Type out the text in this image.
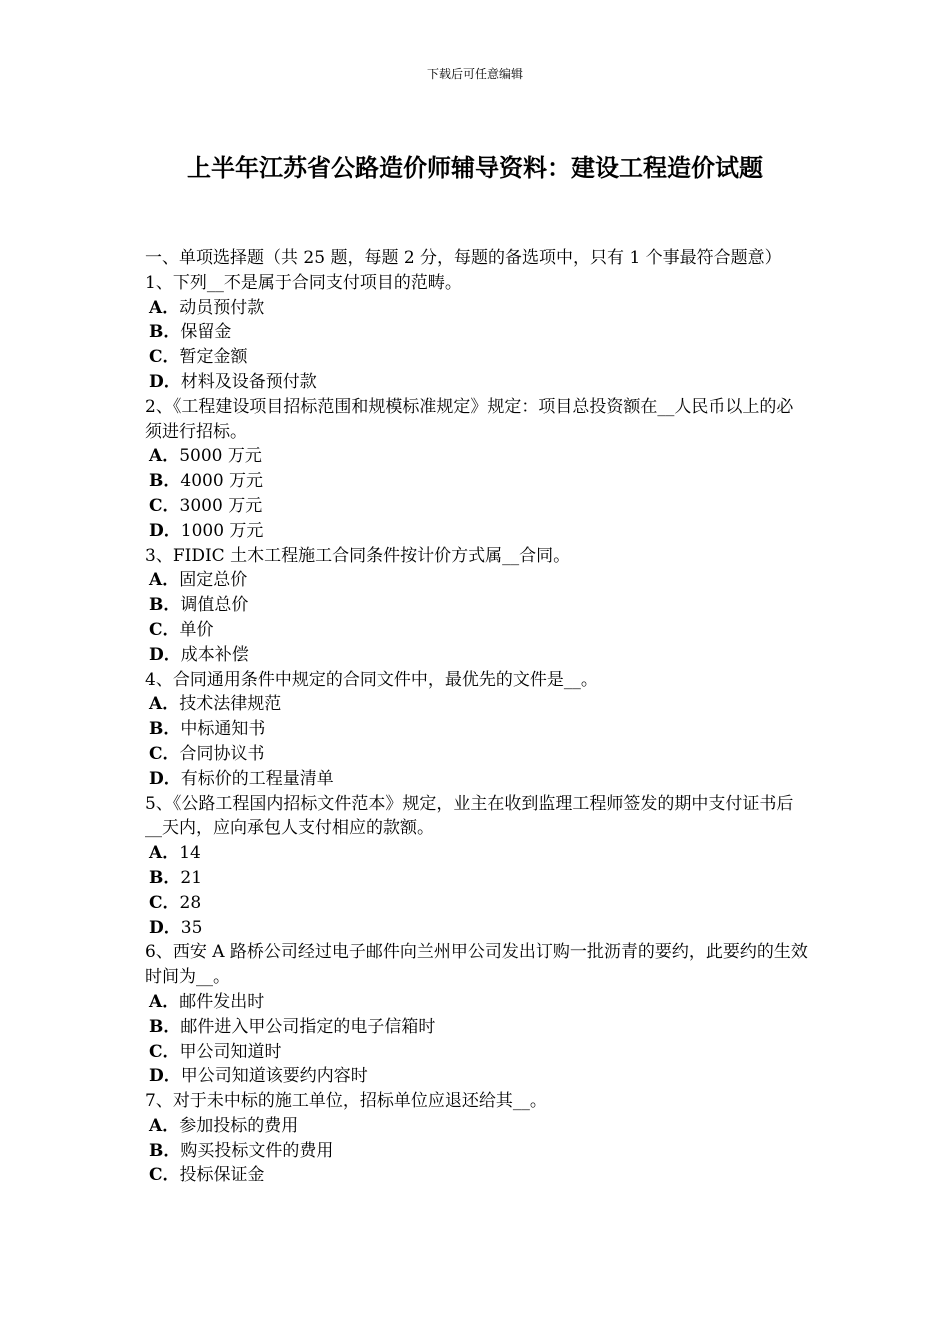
下载后可任意编辑
上半年江苏省公路造价师辅导资料：建设工程造价试题

一、单项选择题（共 25 题，每题 2 分，每题的备选项中，只有 1 个事最符合题意）

1、下列__不是属于合同支付项目的范畴。

A．动员预付款

B．保留金

C．暂定金额

D．材料及设备预付款

2、《工程建设项目招标范围和规模标准规定》规定：项目总投资额在__人民币以上的必须进行招标。

A．5000 万元

B．4000 万元

C．3000 万元

D．1000 万元

3、FIDIC 土木工程施工合同条件按计价方式属__合同。

A．固定总价

B．调值总价

C．单价

D．成本补偿

4、合同通用条件中规定的合同文件中，最优先的文件是__。

A．技术法律规范

B．中标通知书

C．合同协议书

D．有标价的工程量清单

5、《公路工程国内招标文件范本》规定，业主在收到监理工程师签发的期中支付证书后__天内，应向承包人支付相应的款额。

A．14

B．21

C．28

D．35

6、西安 A 路桥公司经过电子邮件向兰州甲公司发出订购一批沥青的要约，此要约的生效时间为__。

A．邮件发出时

B．邮件进入甲公司指定的电子信箱时

C．甲公司知道时

D．甲公司知道该要约内容时

7、对于未中标的施工单位，招标单位应退还给其__。

A．参加投标的费用

B．购买投标文件的费用

C．投标保证金
